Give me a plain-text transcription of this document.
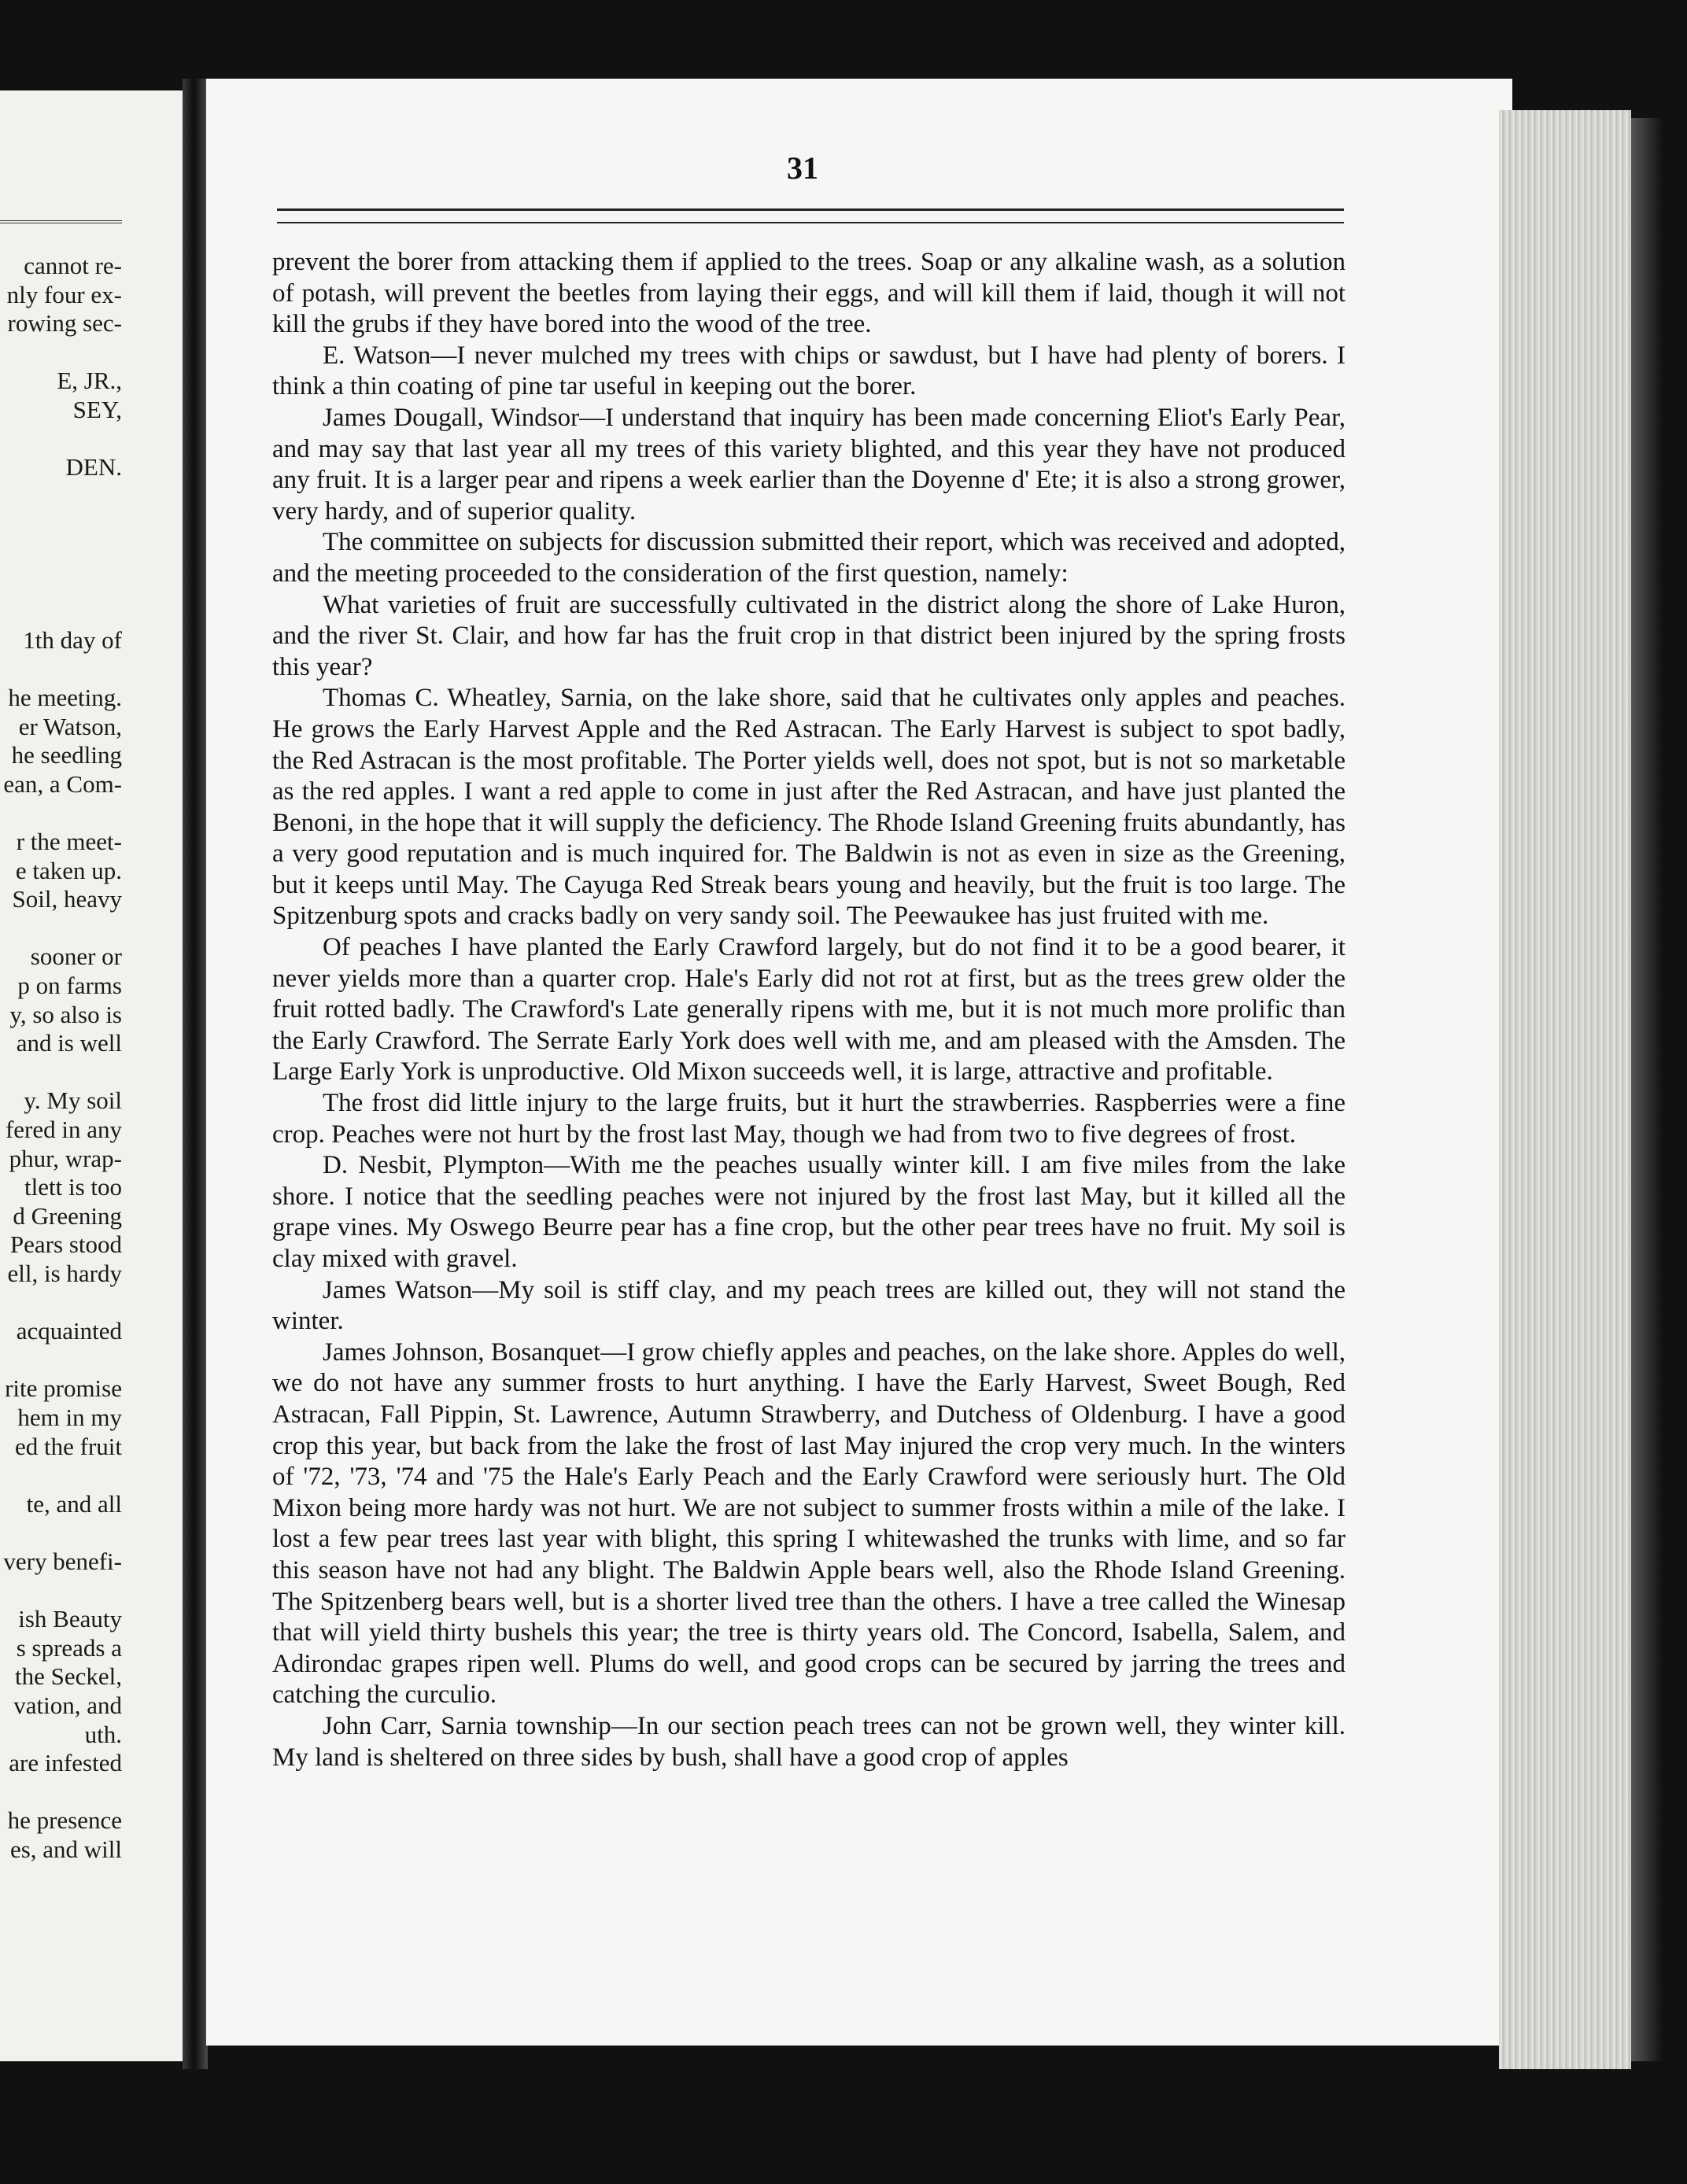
cannot re-
nly four ex-
rowing sec-
E, JR.,
SEY,
DEN.
1th day of
he meeting.
er Watson,
he seedling
ean, a Com-
r the meet-
e taken up.
Soil, heavy
sooner or
p on farms
y, so also is
and is well
y. My soil
fered in any
phur, wrap-
tlett is too
d Greening
Pears stood
ell, is hardy
acquainted
rite promise
hem in my
ed the fruit
te, and all
very benefi-
ish Beauty
s spreads a
the Seckel,
vation, and
uth.
are infested
he presence
es, and will
31

prevent the borer from attacking them if applied to the trees. Soap or any alkaline wash, as a solution of potash, will prevent the beetles from laying their eggs, and will kill them if laid, though it will not kill the grubs if they have bored into the wood of the tree.

E. Watson—I never mulched my trees with chips or sawdust, but I have had plenty of borers. I think a thin coating of pine tar useful in keeping out the borer.

James Dougall, Windsor—I understand that inquiry has been made concerning Eliot's Early Pear, and may say that last year all my trees of this variety blighted, and this year they have not produced any fruit. It is a larger pear and ripens a week earlier than the Doyenne d' Ete; it is also a strong grower, very hardy, and of superior quality.

The committee on subjects for discussion submitted their report, which was received and adopted, and the meeting proceeded to the consideration of the first question, namely:

What varieties of fruit are successfully cultivated in the district along the shore of Lake Huron, and the river St. Clair, and how far has the fruit crop in that district been injured by the spring frosts this year?

Thomas C. Wheatley, Sarnia, on the lake shore, said that he cultivates only apples and peaches. He grows the Early Harvest Apple and the Red Astracan. The Early Harvest is subject to spot badly, the Red Astracan is the most profitable. The Porter yields well, does not spot, but is not so marketable as the red apples. I want a red apple to come in just after the Red Astracan, and have just planted the Benoni, in the hope that it will supply the deficiency. The Rhode Island Greening fruits abundantly, has a very good reputation and is much inquired for. The Baldwin is not as even in size as the Greening, but it keeps until May. The Cayuga Red Streak bears young and heavily, but the fruit is too large. The Spitzenburg spots and cracks badly on very sandy soil. The Peewaukee has just fruited with me.

Of peaches I have planted the Early Crawford largely, but do not find it to be a good bearer, it never yields more than a quarter crop. Hale's Early did not rot at first, but as the trees grew older the fruit rotted badly. The Crawford's Late generally ripens with me, but it is not much more prolific than the Early Crawford. The Serrate Early York does well with me, and am pleased with the Amsden. The Large Early York is unproductive. Old Mixon succeeds well, it is large, attractive and profitable.

The frost did little injury to the large fruits, but it hurt the strawberries. Raspberries were a fine crop. Peaches were not hurt by the frost last May, though we had from two to five degrees of frost.

D. Nesbit, Plympton—With me the peaches usually winter kill. I am five miles from the lake shore. I notice that the seedling peaches were not injured by the frost last May, but it killed all the grape vines. My Oswego Beurre pear has a fine crop, but the other pear trees have no fruit. My soil is clay mixed with gravel.

James Watson—My soil is stiff clay, and my peach trees are killed out, they will not stand the winter.

James Johnson, Bosanquet—I grow chiefly apples and peaches, on the lake shore. Apples do well, we do not have any summer frosts to hurt anything. I have the Early Harvest, Sweet Bough, Red Astracan, Fall Pippin, St. Lawrence, Autumn Strawberry, and Dutchess of Oldenburg. I have a good crop this year, but back from the lake the frost of last May injured the crop very much. In the winters of '72, '73, '74 and '75 the Hale's Early Peach and the Early Crawford were seriously hurt. The Old Mixon being more hardy was not hurt. We are not subject to summer frosts within a mile of the lake. I lost a few pear trees last year with blight, this spring I whitewashed the trunks with lime, and so far this season have not had any blight. The Baldwin Apple bears well, also the Rhode Island Greening. The Spitzenberg bears well, but is a shorter lived tree than the others. I have a tree called the Winesap that will yield thirty bushels this year; the tree is thirty years old. The Concord, Isabella, Salem, and Adirondac grapes ripen well. Plums do well, and good crops can be secured by jarring the trees and catching the curculio.

John Carr, Sarnia township—In our section peach trees can not be grown well, they winter kill. My land is sheltered on three sides by bush, shall have a good crop of apples
